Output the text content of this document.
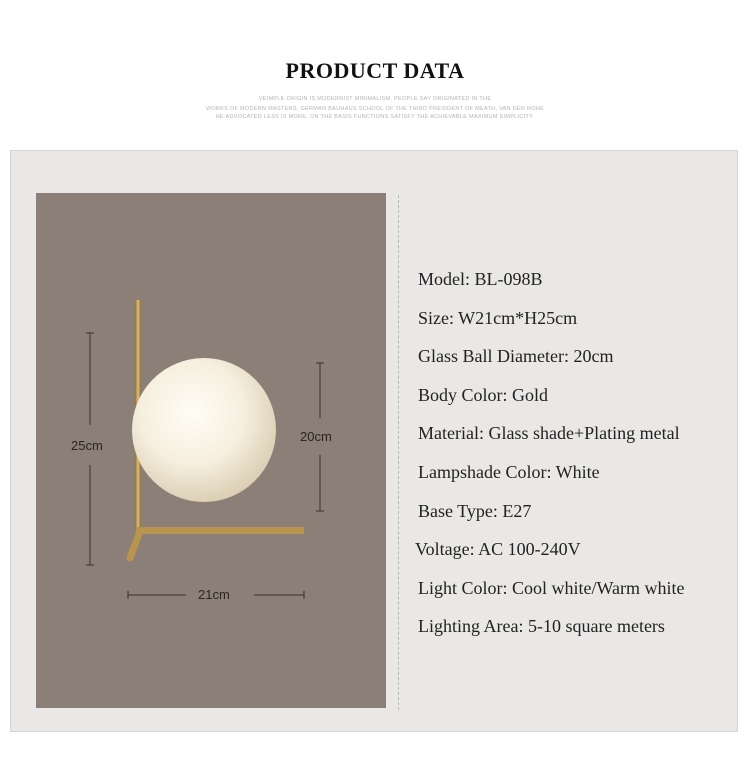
PRODUCT DATA
VEIMPLE ORIGIN IS MODERNIST MINIMALISM. PEOPLE SAY ORIGINATED IN THE
WORKS OF MODERN MASTERS, GERMAN BAUHAUS SCHOOL OF THE THIRD PRESIDENT OF MEATH, VAN DER ROHE
HE ADVOCATED LESS IS MORE, ON THE BASIS FUNCTIONS SATISFY THE ACHIEVABLE MAXIMUM SIMPLICITY.
25cm
20cm
21cm
Model: BL-098B
Size: W21cm*H25cm
Glass Ball Diameter: 20cm
Body Color: Gold
Material: Glass shade+Plating metal
Lampshade Color: White
Base Type: E27
Voltage: AC 100-240V
Light Color: Cool white/Warm white
Lighting Area: 5-10 square meters
